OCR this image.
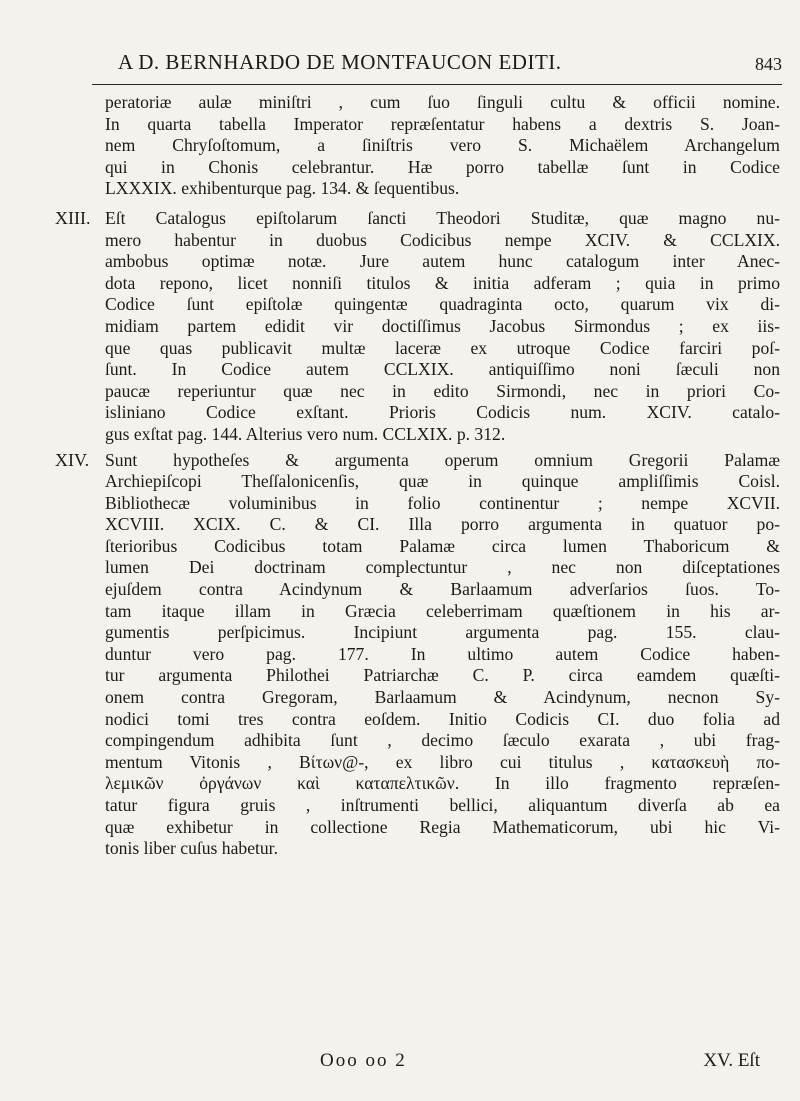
A D. BERNHARDO DE MONTFAUCON EDITI.	843
peratoriæ aulæ miniſtri , cum ſuo ſinguli cultu & officii nomine.
In quarta tabella Imperator repræſentatur habens a dextris S. Joan-
nem Chryſoſtomum, a ſiniſtris vero S. Michaëlem Archangelum
qui in Chonis celebrantur. Hæ porro tabellæ ſunt in Codice
LXXXIX. exhibenturque pag. 134. & ſequentibus.
XIII. Eſt Catalogus epiſtolarum ſancti Theodori Studitæ, quæ magno nu-
mero habentur in duobus Codicibus nempe XCIV. & CCLXIX.
ambobus optimæ notæ. Jure autem hunc catalogum inter Anec-
dota repono, licet nonniſi titulos & initia adferam ; quia in primo
Codice ſunt epiſtolæ quingentæ quadraginta octo, quarum vix di-
midiam partem edidit vir doctiſſimus Jacobus Sirmondus ; ex iis-
que quas publicavit multæ laceræ ex utroque Codice farciri poſ-
ſunt. In Codice autem CCLXIX. antiquiſſimo noni ſæculi non
paucæ reperiuntur quæ nec in edito Sirmondi, nec in priori Co-
isliniano Codice exſtant. Prioris Codicis num. XCIV. catalo-
gus exſtat pag. 144. Alterius vero num. CCLXIX. p. 312.
XIV. Sunt hypotheſes & argumenta operum omnium Gregorii Palamæ
Archiepiſcopi Theſſalonicenſis, quæ in quinque ampliſſimis Coisl.
Bibliothecæ voluminibus in folio continentur ; nempe XCVII.
XCVIII. XCIX. C. & CI. Illa porro argumenta in quatuor po-
ſterioribus Codicibus totam Palamæ circa lumen Thaboricum &
lumen Dei doctrinam complectuntur , nec non diſceptationes
ejuſdem contra Acindynum & Barlaamum adverſarios ſuos. To-
tam itaque illam in Græcia celeberrimam quæſtionem in his ar-
gumentis perſpicimus. Incipiunt argumenta pag. 155. clau-
duntur vero pag. 177. In ultimo autem Codice haben-
tur argumenta Philothei Patriarchæ C. P. circa eamdem quæſti-
onem contra Gregoram, Barlaamum & Acindynum, necnon Sy-
nodici tomi tres contra eoſdem. Initio Codicis CI. duo folia ad
compingendum adhibita ſunt , decimo ſæculo exarata , ubi frag-
mentum Vitonis , Βίτων@-, ex libro cui titulus , κατασκευὴ πο-
λεμικῶν ὀργάνων καὶ καταπελτικῶν. In illo fragmento repræſen-
tatur figura gruis , inſtrumenti bellici, aliquantum diverſa ab ea
quæ exhibetur in collectione Regia Mathematicorum, ubi hic Vi-
tonis liber cuſus habetur.
Ooo oo 2	XV. Eſt
